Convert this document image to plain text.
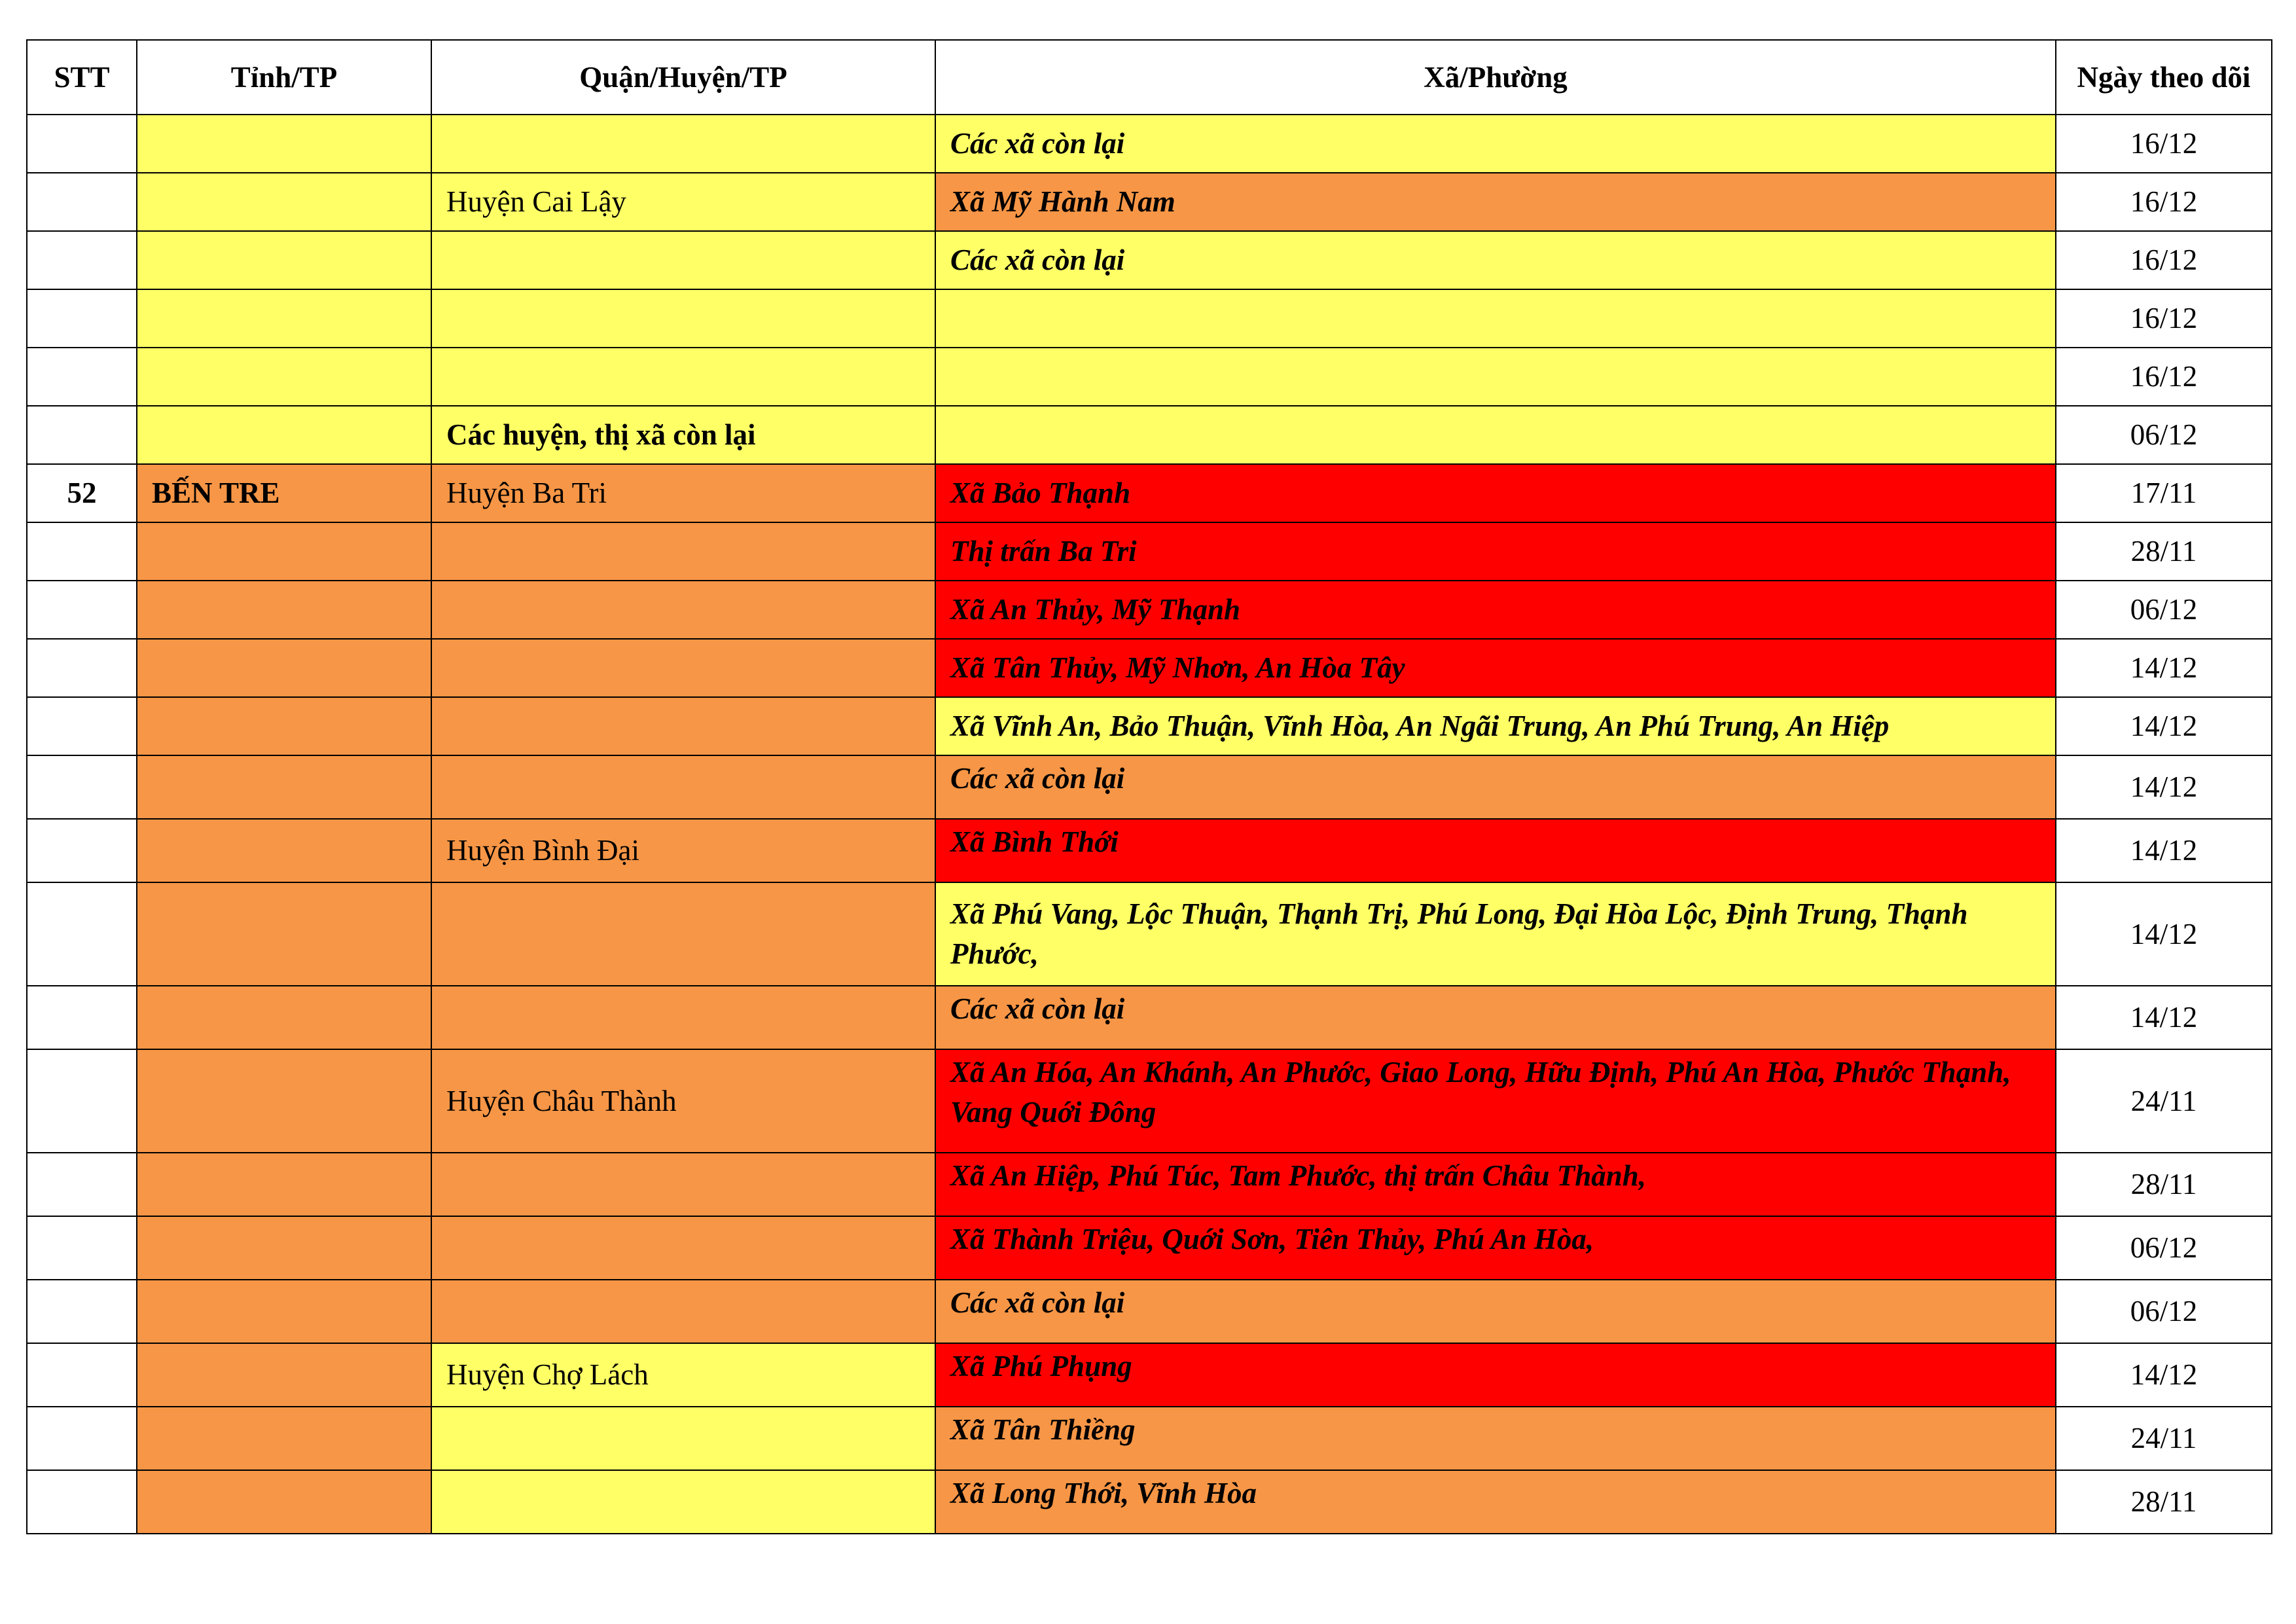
STT	Tỉnh/TP	Quận/Huyện/TP	Xã/Phường	Ngày theo dõi
			Các xã còn lại	16/12
		Huyện Cai Lậy	Xã Mỹ Hành Nam	16/12
			Các xã còn lại	16/12
				16/12
				16/12
		Các huyện, thị xã còn lại		06/12
52	BẾN TRE	Huyện Ba Tri	Xã Bảo Thạnh	17/11
			Thị trấn Ba Tri	28/11
			Xã An Thủy, Mỹ Thạnh	06/12
			Xã Tân Thủy, Mỹ Nhơn, An Hòa Tây	14/12
			Xã Vĩnh An, Bảo Thuận, Vĩnh Hòa, An Ngãi Trung, An Phú Trung, An Hiệp	14/12
			Các xã còn lại	14/12
		Huyện Bình Đại	Xã Bình Thới	14/12
			Xã Phú Vang, Lộc Thuận, Thạnh Trị, Phú Long, Đại Hòa Lộc, Định Trung, Thạnh Phước,	14/12
			Các xã còn lại	14/12
		Huyện Châu Thành	Xã An Hóa, An Khánh, An Phước, Giao Long, Hữu Định, Phú An Hòa, Phước Thạnh, Vang Quới Đông	24/11
			Xã An Hiệp, Phú Túc, Tam Phước, thị trấn Châu Thành,	28/11
			Xã Thành Triệu, Quới Sơn, Tiên Thủy, Phú An Hòa,	06/12
			Các xã còn lại	06/12
		Huyện Chợ Lách	Xã Phú Phụng	14/12
			Xã Tân Thiềng	24/11
			Xã Long Thới, Vĩnh Hòa	28/11
